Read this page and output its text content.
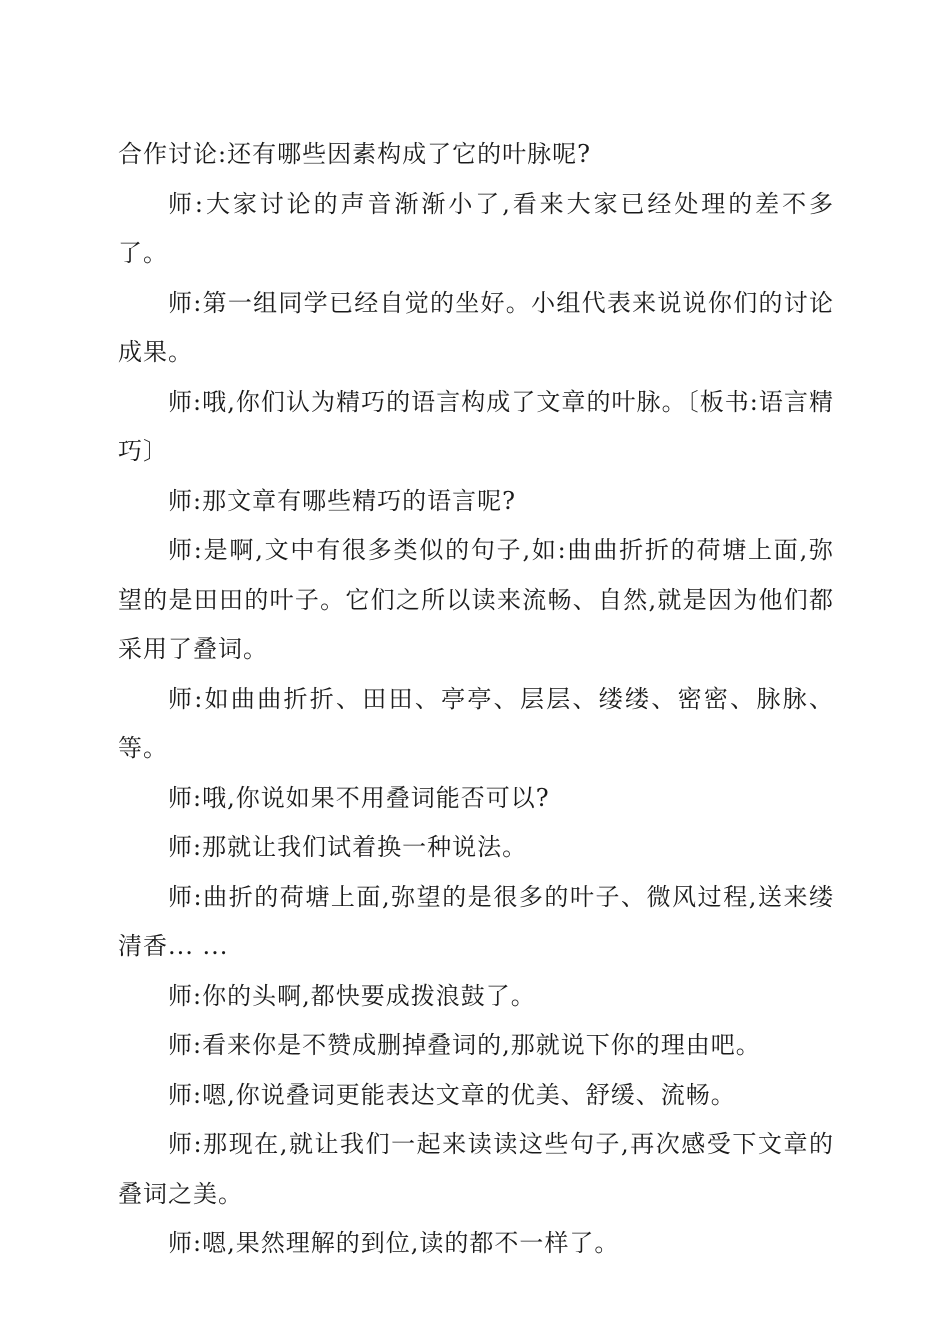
合作讨论:还有哪些因素构成了它的叶脉呢?

师:大家讨论的声音渐渐小了,看来大家已经处理的差不多了。

师:第一组同学已经自觉的坐好。小组代表来说说你们的讨论成果。

师:哦,你们认为精巧的语言构成了文章的叶脉。〔板书:语言精巧〕

师:那文章有哪些精巧的语言呢?

师:是啊,文中有很多类似的句子,如:曲曲折折的荷塘上面,弥望的是田田的叶子。它们之所以读来流畅、自然,就是因为他们都采用了叠词。

师:如曲曲折折、田田、亭亭、层层、缕缕、密密、脉脉、等。

师:哦,你说如果不用叠词能否可以?

师:那就让我们试着换一种说法。

师:曲折的荷塘上面,弥望的是很多的叶子、微风过程,送来缕清香... ...

师:你的头啊,都快要成拨浪鼓了。

师:看来你是不赞成删掉叠词的,那就说下你的理由吧。

师:嗯,你说叠词更能表达文章的优美、舒缓、流畅。

师:那现在,就让我们一起来读读这些句子,再次感受下文章的叠词之美。

师:嗯,果然理解的到位,读的都不一样了。
